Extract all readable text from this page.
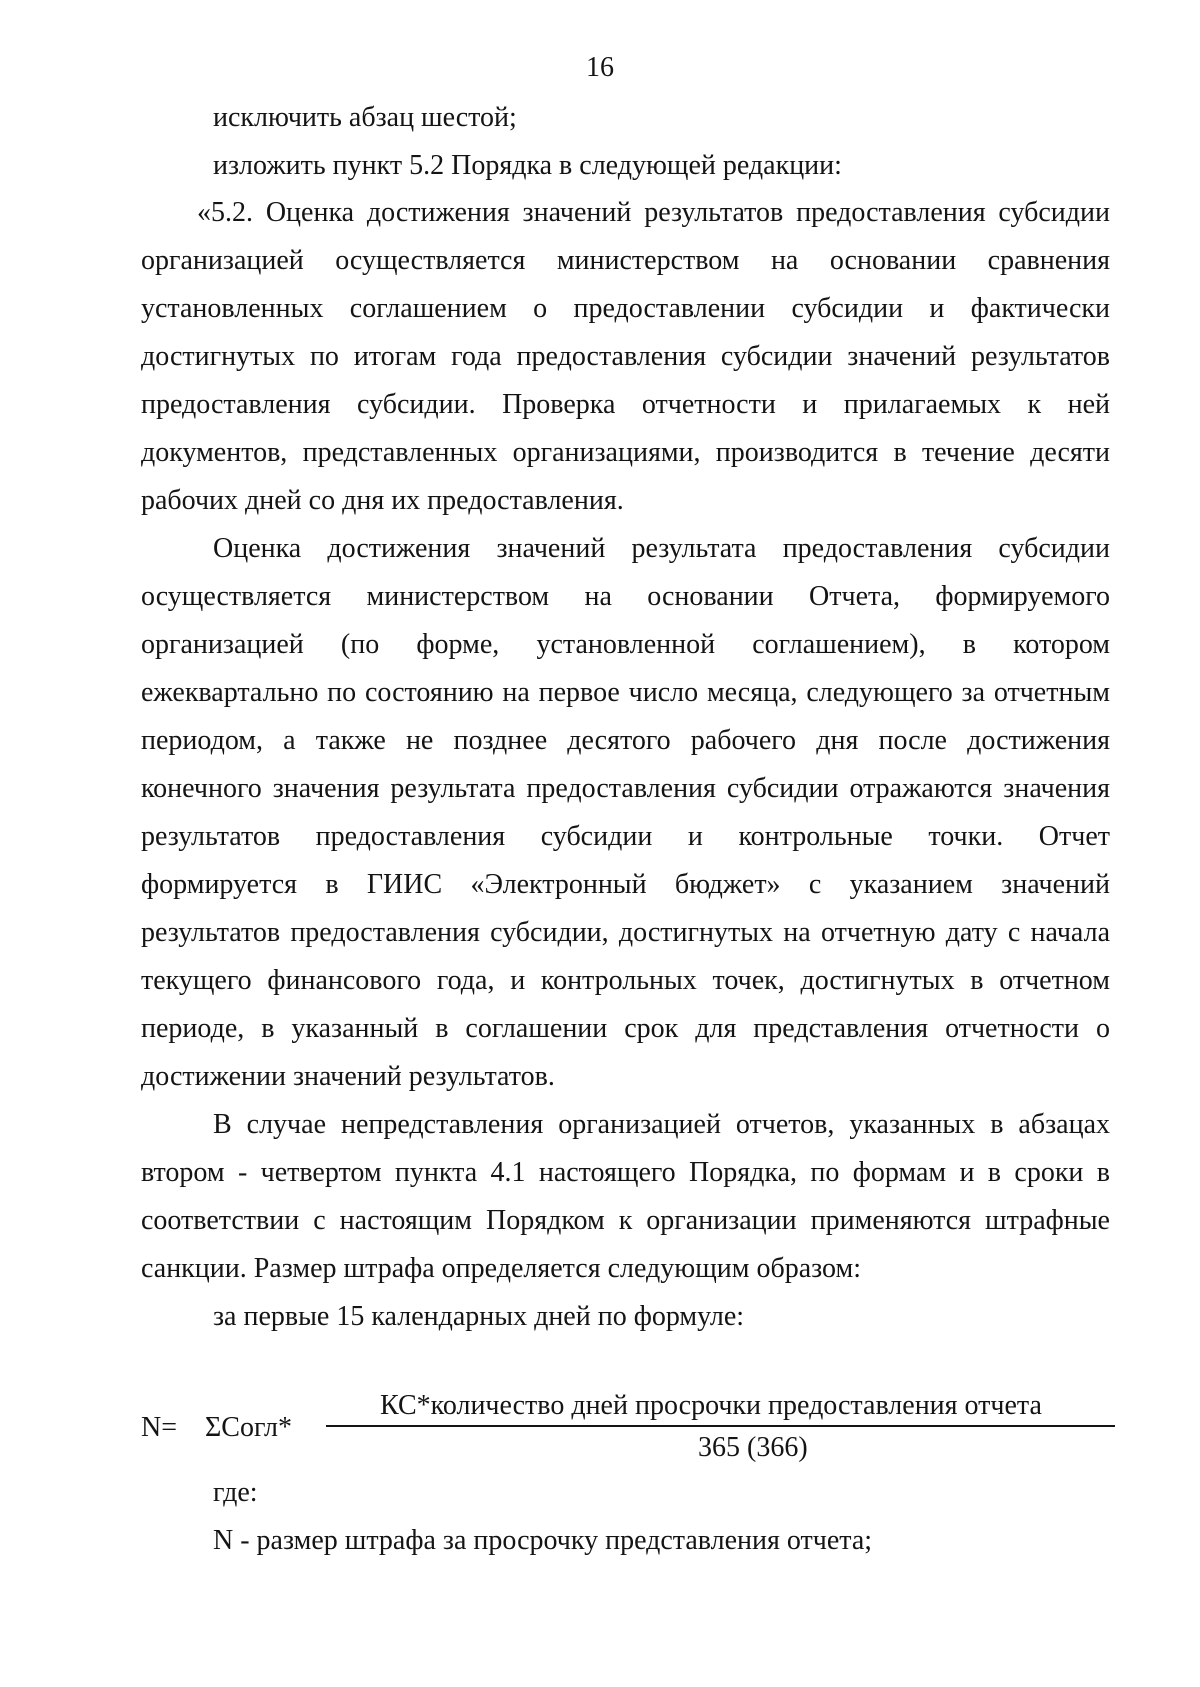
16
исключить абзац шестой;
изложить пункт 5.2 Порядка в следующей редакции:
«5.2. Оценка достижения значений результатов предоставления субсидии
организацией осуществляется министерством на основании сравнения
установленных соглашением о предоставлении субсидии и фактически
достигнутых по итогам года предоставления субсидии значений результатов
предоставления субсидии. Проверка отчетности и прилагаемых к ней
документов, представленных организациями, производится в течение десяти
рабочих дней со дня их предоставления.
Оценка достижения значений результата предоставления субсидии
осуществляется министерством на основании Отчета, формируемого
организацией (по форме, установленной соглашением), в котором
ежеквартально по состоянию на первое число месяца, следующего за отчетным
периодом, а также не позднее десятого рабочего дня после достижения
конечного значения результата предоставления субсидии отражаются значения
результатов предоставления субсидии и контрольные точки. Отчет
формируется в ГИИС «Электронный бюджет» с указанием значений
результатов предоставления субсидии, достигнутых на отчетную дату с начала
текущего финансового года, и контрольных точек, достигнутых в отчетном
периоде, в указанный в соглашении срок для представления отчетности о
достижении значений результатов.
В случае непредставления организацией отчетов, указанных в абзацах
втором - четвертом пункта 4.1 настоящего Порядка, по формам и в сроки в
соответствии с настоящим Порядком к организации применяются штрафные
санкции. Размер штрафа определяется следующим образом:
за первые 15 календарных дней по формуле:
где:
N - размер штрафа за просрочку представления отчета;
N= ΣСогл*
КС*количество дней просрочки предоставления отчета
365 (366)
